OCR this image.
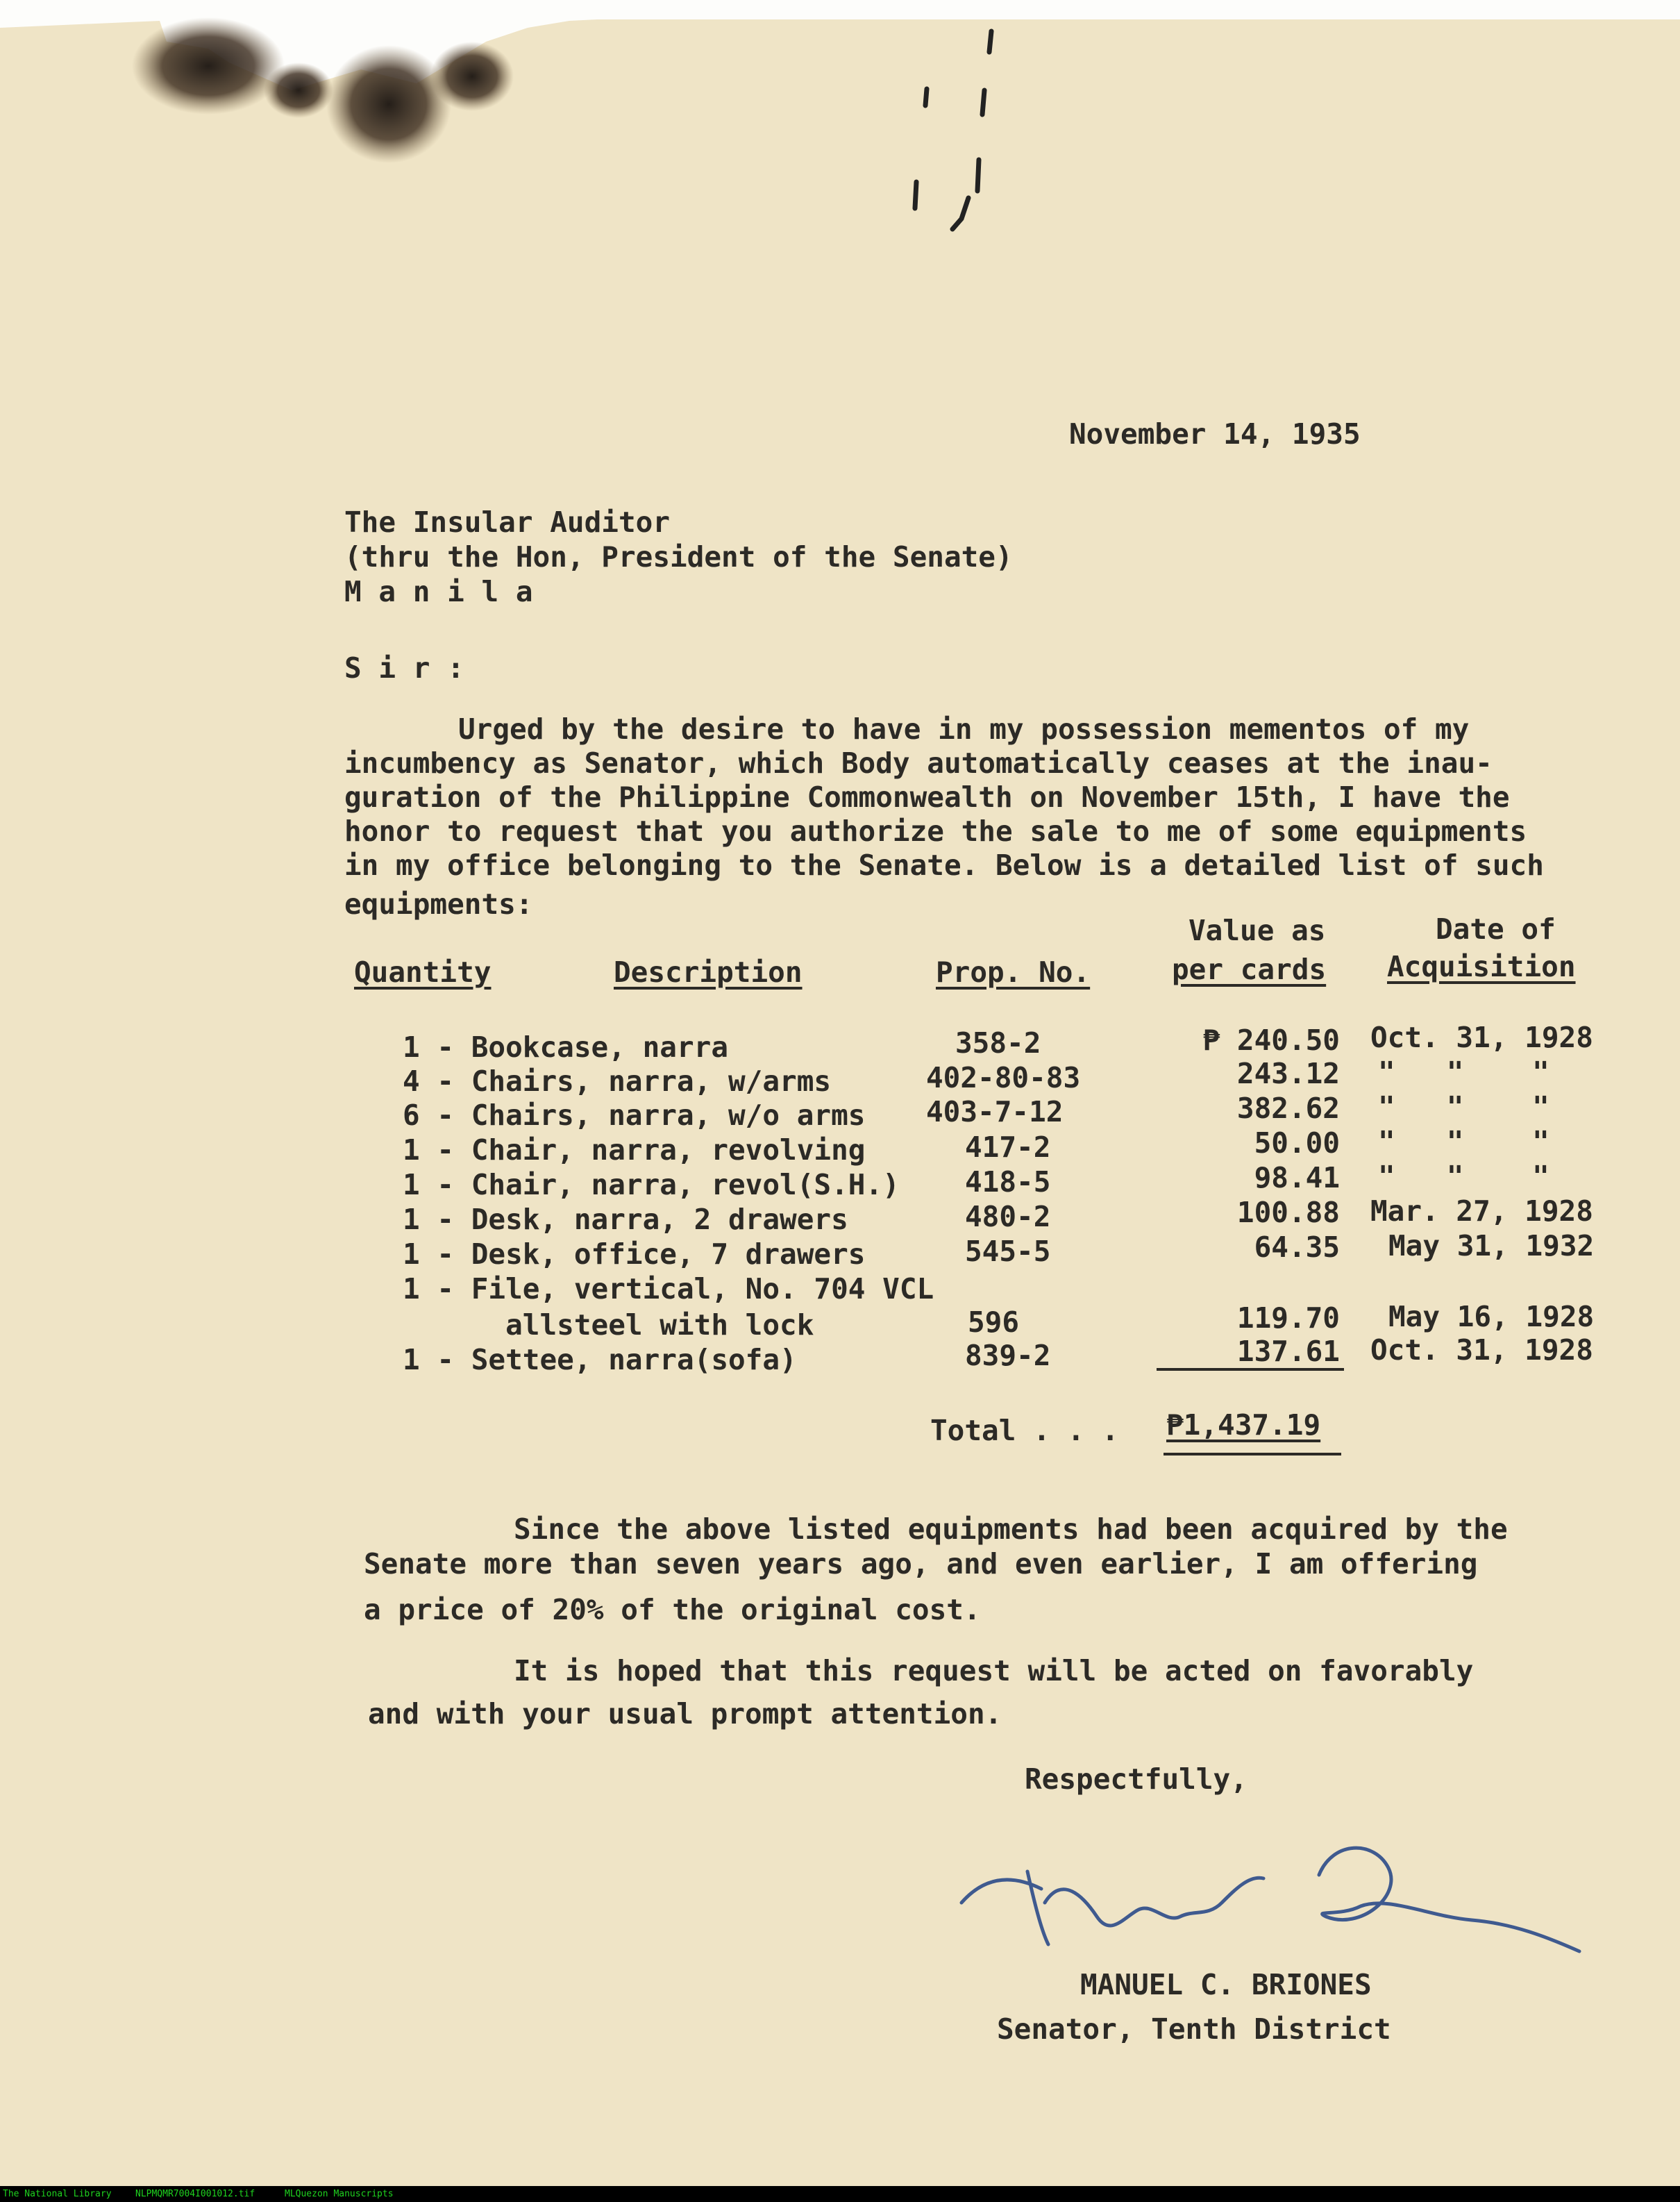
November 14, 1935
The Insular Auditor
(thru the Hon, President of the Senate)
M a n i l a
S i r :
Urged by the desire to have in my possession mementos of my
incumbency as Senator, which Body automatically ceases at the inau-
guration of the Philippine Commonwealth on November 15th, I have the
honor to request that you authorize the sale to me of some equipments
in my office belonging to the Senate. Below is a detailed list of such
equipments:
Value as	Date of
Quantity	Description	Prop. No.	per cards Acquisition
1 - Bookcase, narra	358-2	₱ 240.50 Oct. 31, 1928
4 - Chairs, narra, w/arms	402-80-83	243.12 "   "    "
6 - Chairs, narra, w/o arms 403-7-12	382.62 "   "    "
1 - Chair, narra, revolving	417-2	50.00 "   "    "
1 - Chair, narra, revol(S.H.) 418-5	98.41 "   "    "
1 - Desk, narra, 2 drawers	480-2	100.88 Mar. 27, 1928
1 - Desk, office, 7 drawers	545-5	64.35 May 31, 1932
1 - File, vertical, No. 704 VCL
allsteel with lock	596	119.70 May 16, 1928
1 - Settee, narra(sofa)	839-2	137.61 Oct. 31, 1928
Total . . . ₱1,437.19
Since the above listed equipments had been acquired by the
Senate more than seven years ago, and even earlier, I am offering
a price of 20% of the original cost.
It is hoped that this request will be acted on favorably
and with your usual prompt attention.
Respectfully,
MANUEL C. BRIONES
Senator, Tenth District
The National Library	NLPMQMR7004I001012.tif	MLQuezon Manuscripts
